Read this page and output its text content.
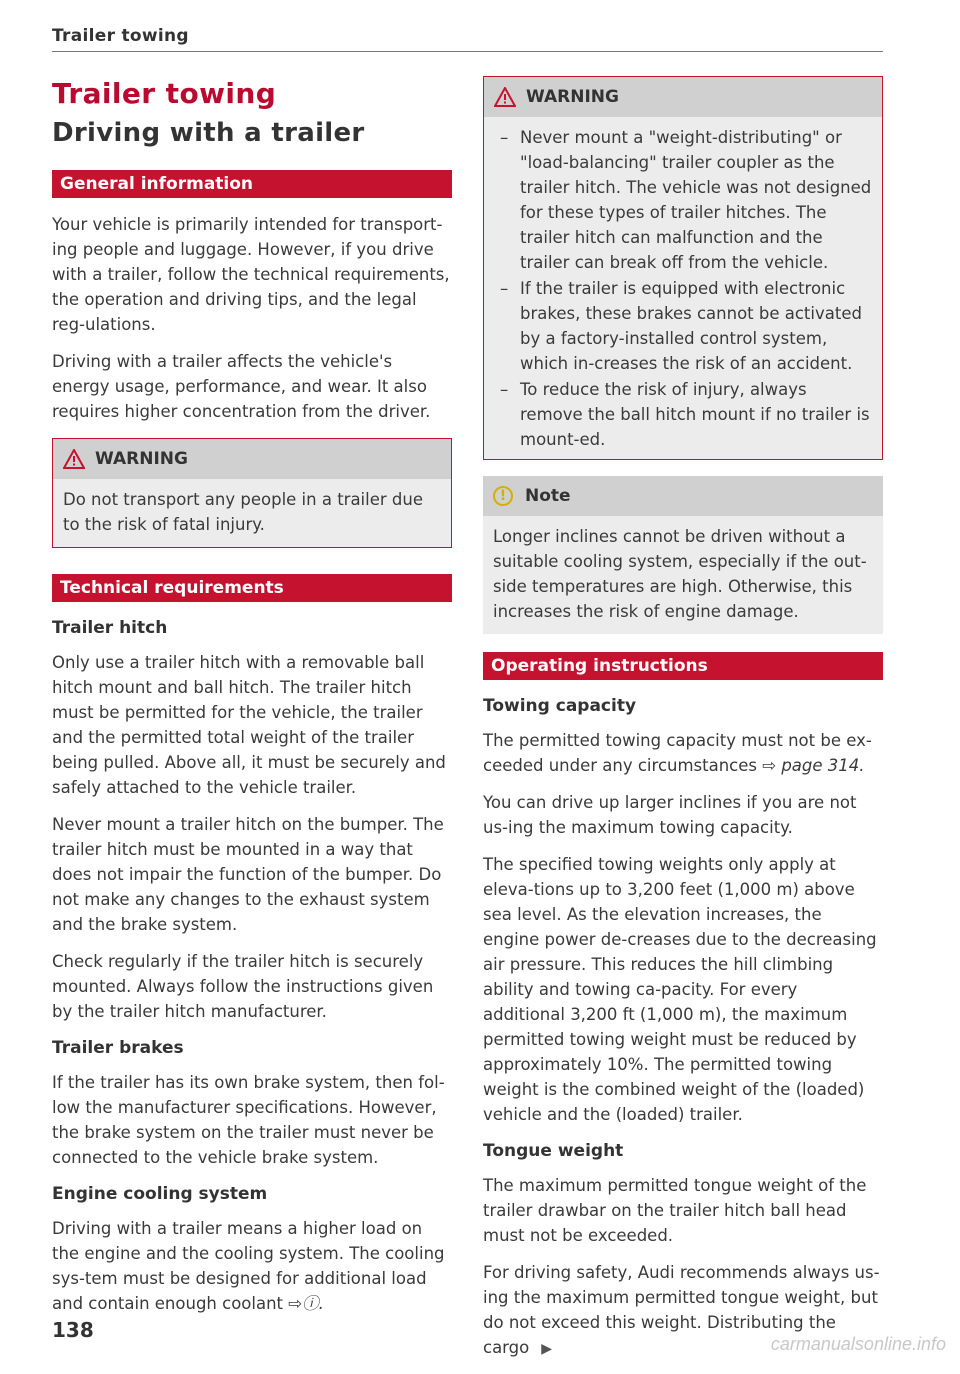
Trailer towing
Trailer towing
Driving with a trailer
General information

Your vehicle is primarily intended for transport-ing people and luggage. However, if you drive with a trailer, follow the technical requirements, the operation and driving tips, and the legal reg-ulations.

Driving with a trailer affects the vehicle's energy usage, performance, and wear. It also requires higher concentration from the driver.

WARNING

Do not transport any people in a trailer due to the risk of fatal injury.

Technical requirements
Trailer hitch

Only use a trailer hitch with a removable ball hitch mount and ball hitch. The trailer hitch must be permitted for the vehicle, the trailer and the permitted total weight of the trailer being pulled. Above all, it must be securely and safely attached to the vehicle trailer.

Never mount a trailer hitch on the bumper. The trailer hitch must be mounted in a way that does not impair the function of the bumper. Do not make any changes to the exhaust system and the brake system.

Check regularly if the trailer hitch is securely mounted. Always follow the instructions given by the trailer hitch manufacturer.

Trailer brakes

If the trailer has its own brake system, then fol-low the manufacturer specifications. However, the brake system on the trailer must never be connected to the vehicle brake system.

Engine cooling system

Driving with a trailer means a higher load on the engine and the cooling system. The cooling sys-tem must be designed for additional load and contain enough coolant ⇨ⓘ.

WARNING
– Never mount a "weight-distributing" or "load-balancing" trailer coupler as the trailer hitch. The vehicle was not designed for these types of trailer hitches. The trailer hitch can malfunction and the trailer can break off from the vehicle.
– If the trailer is equipped with electronic brakes, these brakes cannot be activated by a factory-installed control system, which in-creases the risk of an accident.
– To reduce the risk of injury, always remove the ball hitch mount if no trailer is mount-ed.
!	Note

Longer inclines cannot be driven without a suitable cooling system, especially if the out-side temperatures are high. Otherwise, this increases the risk of engine damage.

Operating instructions
Towing capacity

The permitted towing capacity must not be ex-ceeded under any circumstances ⇨ page 314.

You can drive up larger inclines if you are not us-ing the maximum towing capacity.

The specified towing weights only apply at eleva-tions up to 3,200 feet (1,000 m) above sea level. As the elevation increases, the engine power de-creases due to the decreasing air pressure. This reduces the hill climbing ability and towing ca-pacity. For every additional 3,200 ft (1,000 m), the maximum permitted towing weight must be reduced by approximately 10%. The permitted towing weight is the combined weight of the (loaded) vehicle and the (loaded) trailer.

Tongue weight

The maximum permitted tongue weight of the trailer drawbar on the trailer hitch ball head must not be exceeded.

For driving safety, Audi recommends always us-ing the maximum permitted tongue weight, but do not exceed this weight. Distributing the cargo ▶

138
carmanualsonline.info
